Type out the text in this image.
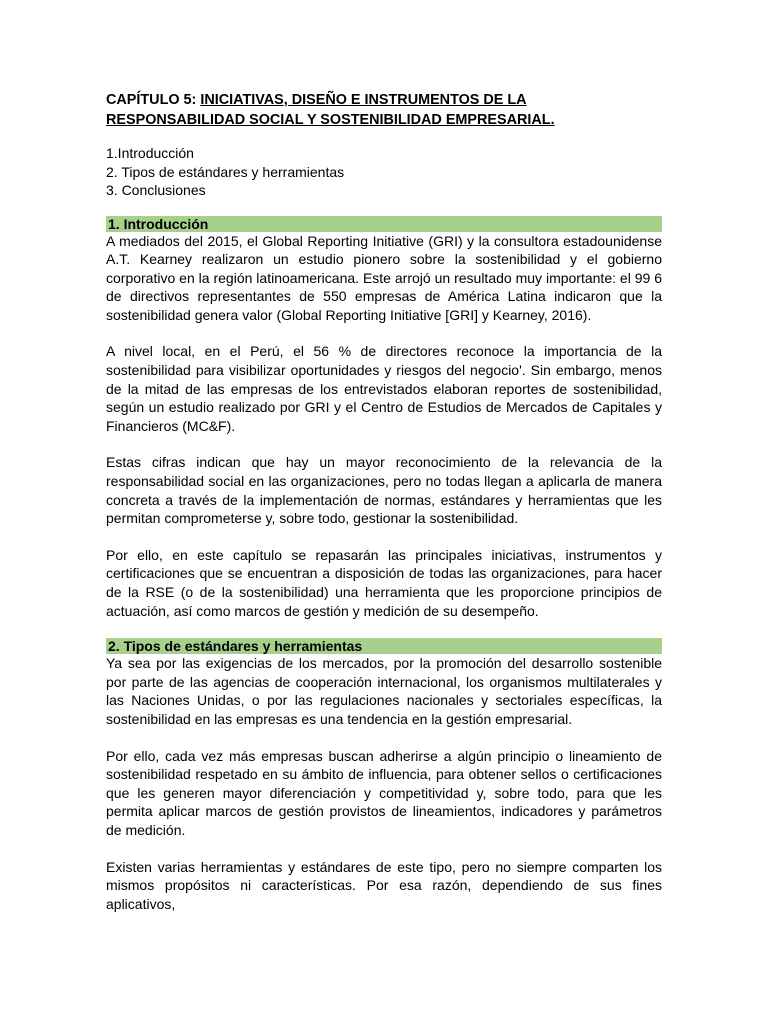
CAPÍTULO 5: INICIATIVAS, DISEÑO E INSTRUMENTOS DE LA RESPONSABILIDAD SOCIAL Y SOSTENIBILIDAD EMPRESARIAL.
1.Introducción
2. Tipos de estándares y herramientas
3. Conclusiones
1. Introducción

A mediados del 2015, el Global Reporting Initiative (GRI) y la consultora estadounidense A.T. Kearney realizaron un estudio pionero sobre la sostenibilidad y el gobierno corporativo en la región latinoamericana. Este arrojó un resultado muy importante: el 99 6 de directivos representantes de 550 empresas de América Latina indicaron que la sostenibilidad genera valor (Global Reporting Initiative [GRI] y Kearney, 2016).

A nivel local, en el Perú, el 56 % de directores reconoce la importancia de la sostenibilidad para visibilizar oportunidades y riesgos del negocio'. Sin embargo, menos de la mitad de las empresas de los entrevistados elaboran reportes de sostenibilidad, según un estudio realizado por GRI y el Centro de Estudios de Mercados de Capitales y Financieros (MC&F).

Estas cifras indican que hay un mayor reconocimiento de la relevancia de la responsabilidad social en las organizaciones, pero no todas llegan a aplicarla de manera concreta a través de la implementación de normas, estándares y herramientas que les permitan comprometerse y, sobre todo, gestionar la sostenibilidad.

Por ello, en este capítulo se repasarán las principales iniciativas, instrumentos y certificaciones que se encuentran a disposición de todas las organizaciones, para hacer de la RSE (o de la sostenibilidad) una herramienta que les proporcione principios de actuación, así como marcos de gestión y medición de su desempeño.

2. Tipos de estándares y herramientas

Ya sea por las exigencias de los mercados, por la promoción del desarrollo sostenible por parte de las agencias de cooperación internacional, los organismos multilaterales y las Naciones Unidas, o por las regulaciones nacionales y sectoriales específicas, la sostenibilidad en las empresas es una tendencia en la gestión empresarial.

Por ello, cada vez más empresas buscan adherirse a algún principio o lineamiento de sostenibilidad respetado en su ámbito de influencia, para obtener sellos o certificaciones que les generen mayor diferenciación y competitividad y, sobre todo, para que les permita aplicar marcos de gestión provistos de lineamientos, indicadores y parámetros de medición.

Existen varias herramientas y estándares de este tipo, pero no siempre comparten los mismos propósitos ni características. Por esa razón, dependiendo de sus fines aplicativos,
